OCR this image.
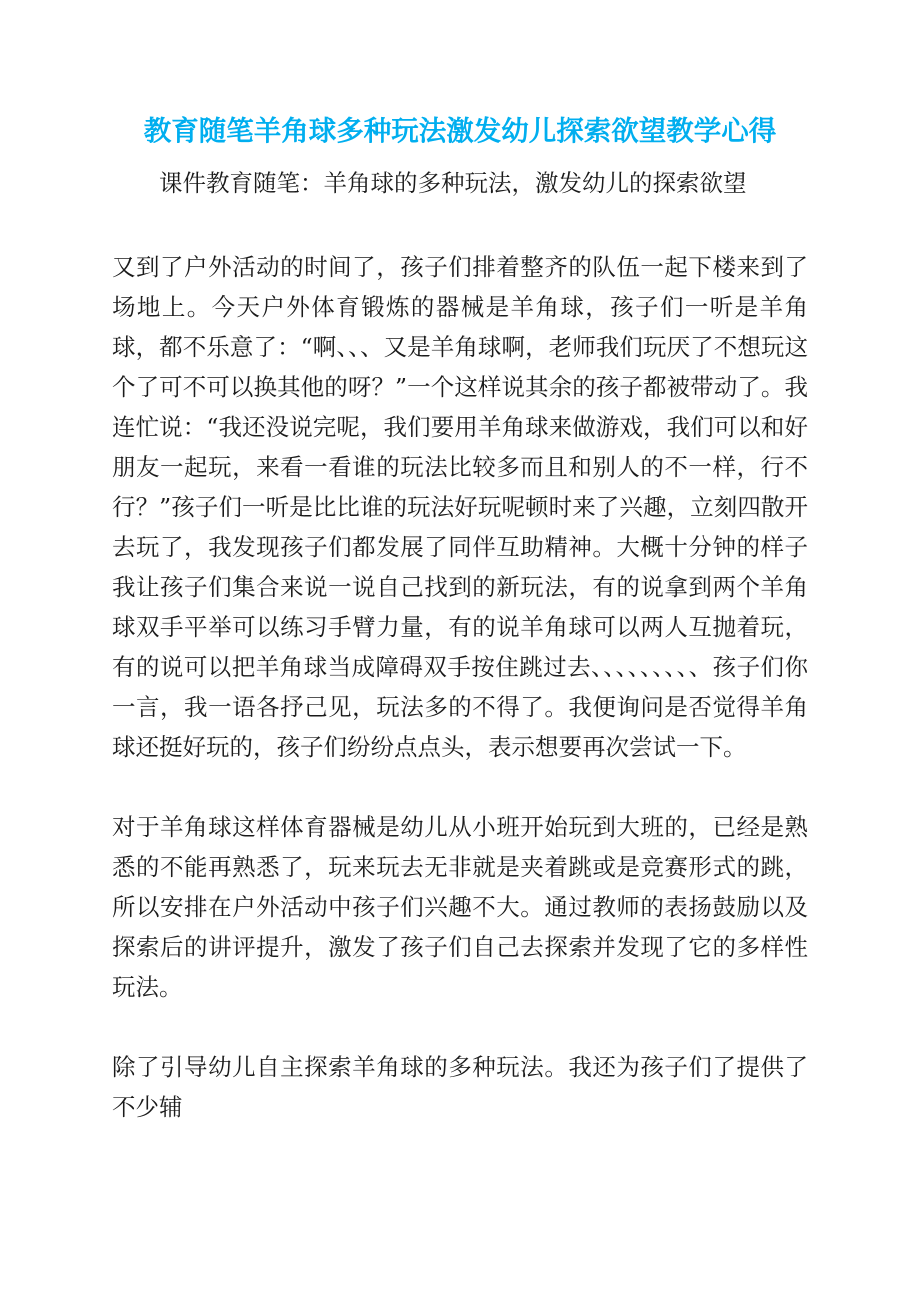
教育随笔羊角球多种玩法激发幼儿探索欲望教学心得
课件教育随笔：羊角球的多种玩法，激发幼儿的探索欲望

又到了户外活动的时间了，孩子们排着整齐的队伍一起下楼来到了场地上。今天户外体育锻炼的器械是羊角球，孩子们一听是羊角球，都不乐意了：“啊、、、又是羊角球啊，老师我们玩厌了不想玩这个了可不可以换其他的呀？”一个这样说其余的孩子都被带动了。我连忙说：“我还没说完呢，我们要用羊角球来做游戏，我们可以和好朋友一起玩，来看一看谁的玩法比较多而且和别人的不一样，行不行？”孩子们一听是比比谁的玩法好玩呢顿时来了兴趣，立刻四散开去玩了，我发现孩子们都发展了同伴互助精神。大概十分钟的样子我让孩子们集合来说一说自己找到的新玩法，有的说拿到两个羊角球双手平举可以练习手臂力量，有的说羊角球可以两人互抛着玩，有的说可以把羊角球当成障碍双手按住跳过去、、、、、、、、、孩子们你一言，我一语各抒己见，玩法多的不得了。我便询问是否觉得羊角球还挺好玩的，孩子们纷纷点点头，表示想要再次尝试一下。

对于羊角球这样体育器械是幼儿从小班开始玩到大班的，已经是熟悉的不能再熟悉了，玩来玩去无非就是夹着跳或是竞赛形式的跳，所以安排在户外活动中孩子们兴趣不大。通过教师的表扬鼓励以及探索后的讲评提升，激发了孩子们自己去探索并发现了它的多样性玩法。

除了引导幼儿自主探索羊角球的多种玩法。我还为孩子们了提供了不少辅
